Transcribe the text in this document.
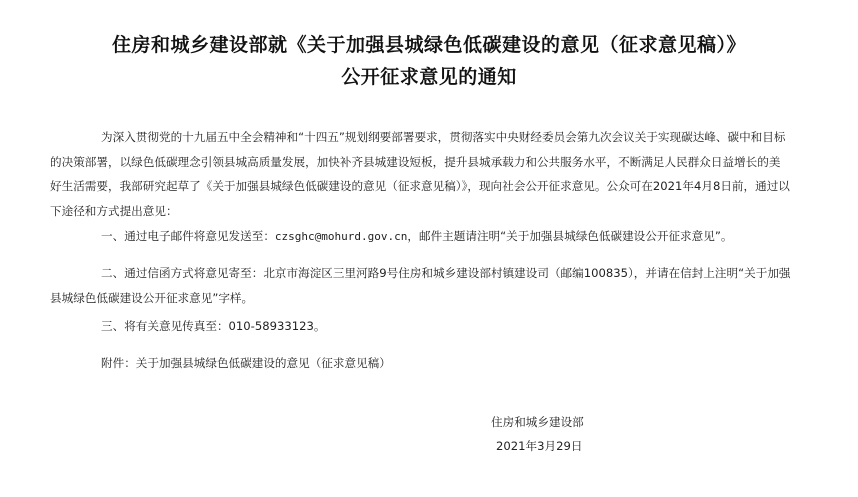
住房和城乡建设部就《关于加强县城绿色低碳建设的意见（征求意见稿）》
公开征求意见的通知
为深入贯彻党的十九届五中全会精神和“十四五”规划纲要部署要求，贯彻落实中央财经委员会第九次会议关于实现碳达峰、碳中和目标的决策部署，以绿色低碳理念引领县城高质量发展，加快补齐县城建设短板，提升县城承载力和公共服务水平，不断满足人民群众日益增长的美好生活需要，我部研究起草了《关于加强县城绿色低碳建设的意见（征求意见稿）》，现向社会公开征求意见。公众可在2021年4月8日前，通过以下途径和方式提出意见：
一、通过电子邮件将意见发送至：czsghc@mohurd.gov.cn，邮件主题请注明“关于加强县城绿色低碳建设公开征求意见”。
二、通过信函方式将意见寄至：北京市海淀区三里河路9号住房和城乡建设部村镇建设司（邮编100835），并请在信封上注明“关于加强县城绿色低碳建设公开征求意见”字样。
三、将有关意见传真至：010-58933123。
附件：关于加强县城绿色低碳建设的意见（征求意见稿）
住房和城乡建设部
2021年3月29日
